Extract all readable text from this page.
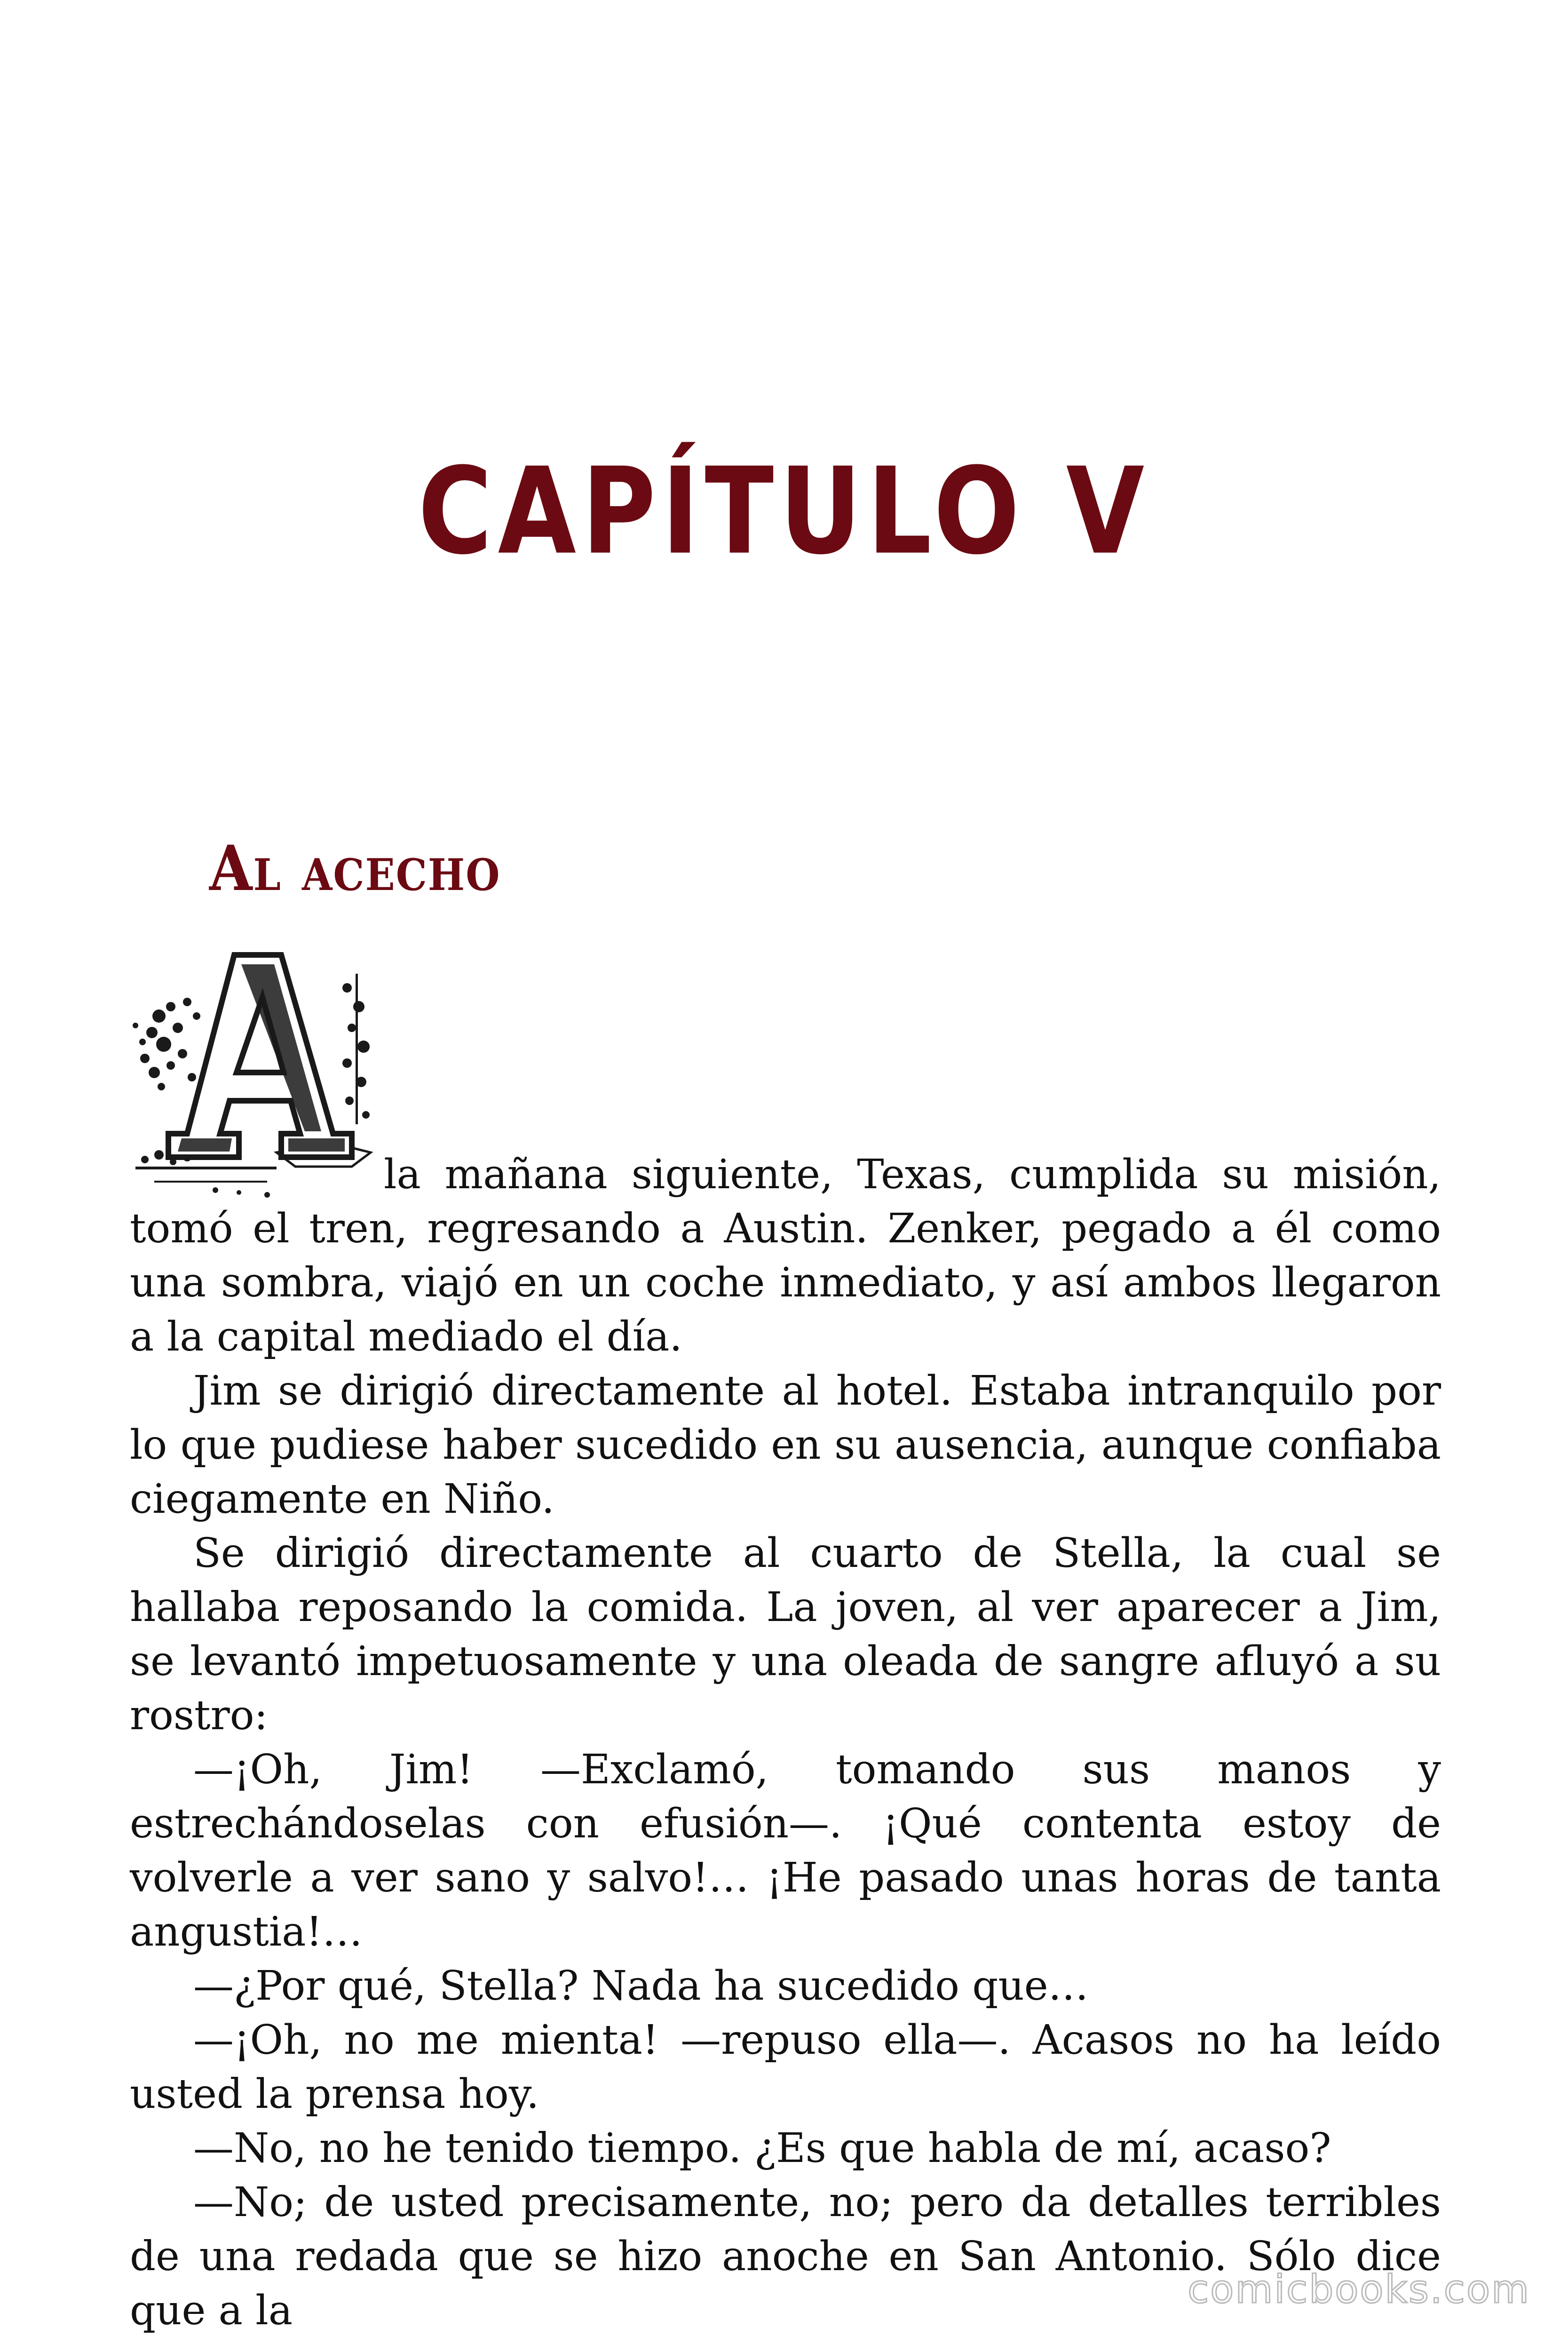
CAPÍTULO V
Al acecho

la mañana siguiente, Texas, cumplida su misión, tomó el tren, regresando a Austin. Zenker, pegado a él como una sombra, viajó en un coche inmediato, y así ambos llegaron a la capital mediado el día.

Jim se dirigió directamente al hotel. Estaba intranquilo por lo que pudiese haber sucedido en su ausencia, aunque confiaba ciegamente en Niño.

Se dirigió directamente al cuarto de Stella, la cual se hallaba reposando la comida. La joven, al ver aparecer a Jim, se levantó impetuosamente y una oleada de sangre afluyó a su rostro:

—¡Oh, Jim! —Exclamó, tomando sus manos y estrechándoselas con efusión—. ¡Qué contenta estoy de volverle a ver sano y salvo!… ¡He pasado unas horas de tanta angustia!…

—¿Por qué, Stella? Nada ha sucedido que…

—¡Oh, no me mienta! —repuso ella—. Acasos no ha leído usted la prensa hoy.

—No, no he tenido tiempo. ¿Es que habla de mí, acaso?

—No; de usted precisamente, no; pero da detalles terribles de una redada que se hizo anoche en San Antonio. Sólo dice que a la	comicbooks.com
